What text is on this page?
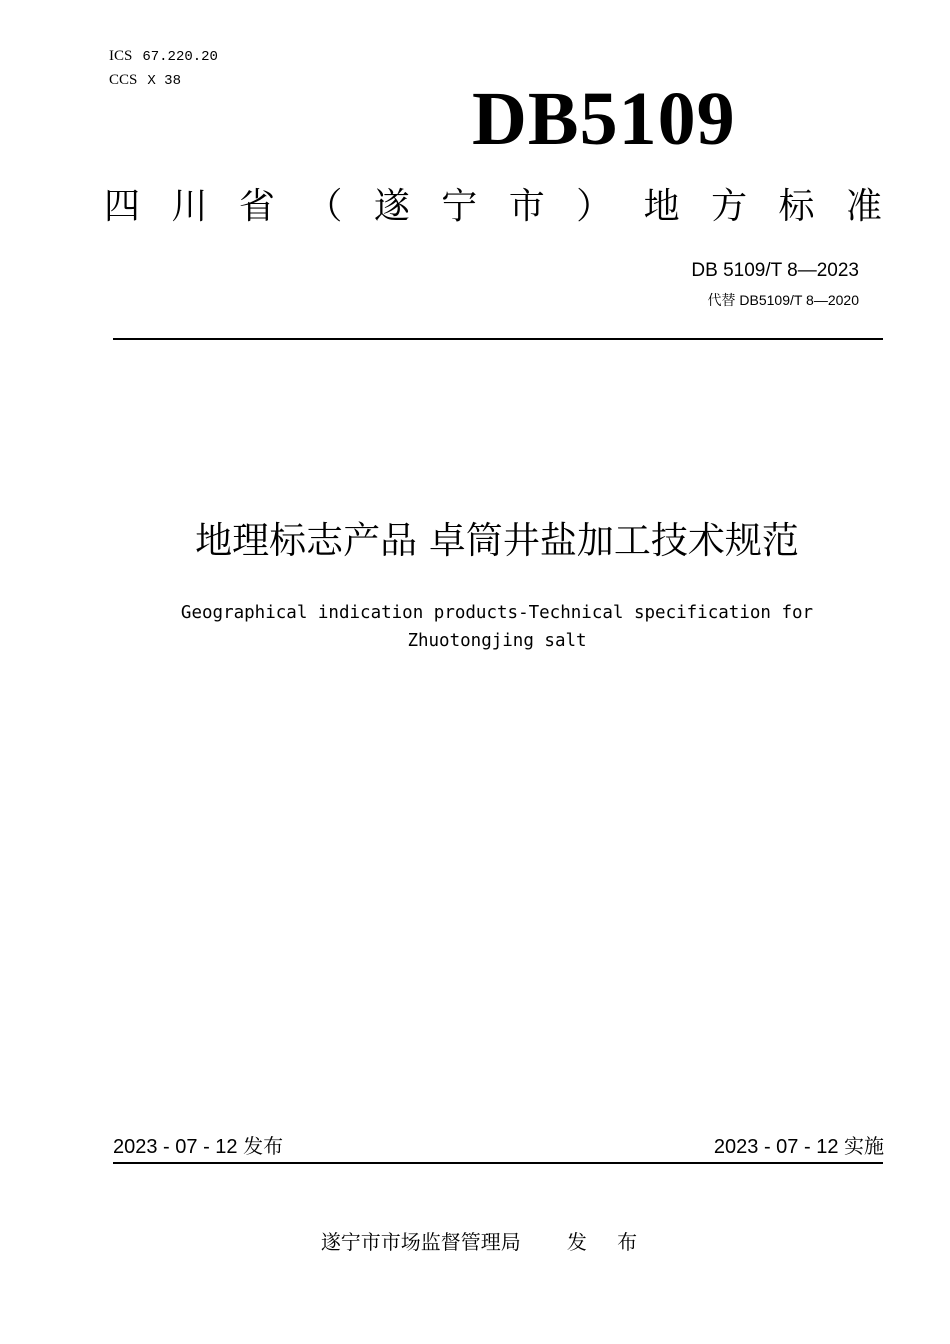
ICS 67.220.20
CCS X 38	DB5109
四 川 省 （ 遂 宁 市 ） 地 方 标 准
DB 5109/T 8—2023
代替 DB5109/T 8—2020
地理标志产品 卓筒井盐加工技术规范
Geographical indication products-Technical specification for
Zhuotongjing salt
2023 - 07 - 12 发布	2023 - 07 - 12 实施
遂宁市市场监督管理局 发 布
